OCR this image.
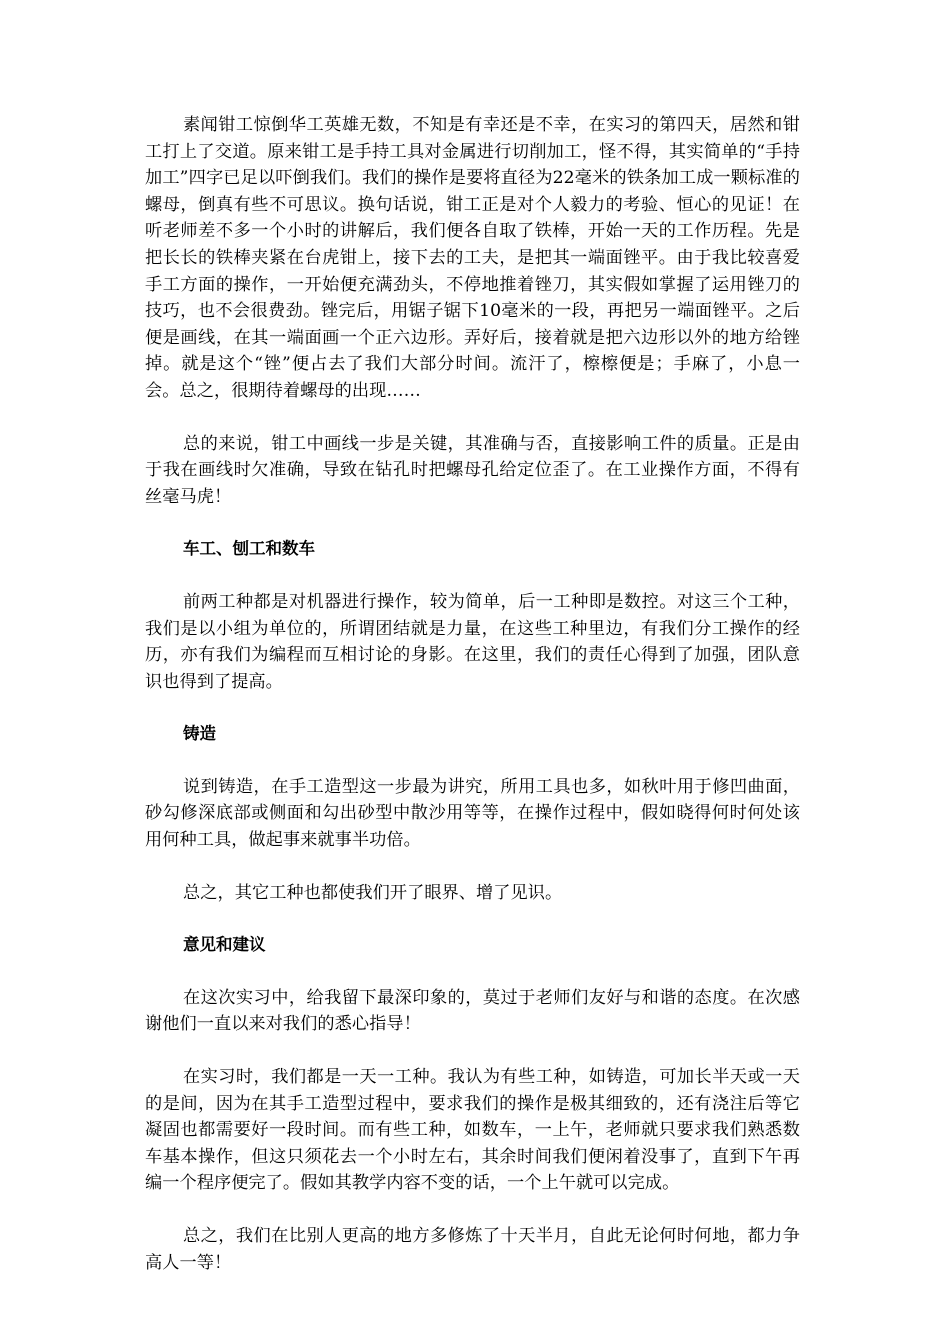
素闻钳工惊倒华工英雄无数，不知是有幸还是不幸，在实习的第四天，居然和钳工打上了交道。原来钳工是手持工具对金属进行切削加工，怪不得，其实简单的“手持加工”四字已足以吓倒我们。我们的操作是要将直径为22毫米的铁条加工成一颗标准的螺母，倒真有些不可思议。换句话说，钳工正是对个人毅力的考验、恒心的见证！在听老师差不多一个小时的讲解后，我们便各自取了铁棒，开始一天的工作历程。先是把长长的铁棒夹紧在台虎钳上，接下去的工夫，是把其一端面锉平。由于我比较喜爱手工方面的操作，一开始便充满劲头，不停地推着锉刀，其实假如掌握了运用锉刀的技巧，也不会很费劲。锉完后，用锯子锯下10毫米的一段，再把另一端面锉平。之后便是画线，在其一端面画一个正六边形。弄好后，接着就是把六边形以外的地方给锉掉。就是这个“锉”便占去了我们大部分时间。流汗了，檫檫便是；手麻了，小息一会。总之，很期待着螺母的出现……

总的来说，钳工中画线一步是关键，其准确与否，直接影响工件的质量。正是由于我在画线时欠准确，导致在钻孔时把螺母孔给定位歪了。在工业操作方面，不得有丝毫马虎！

车工、刨工和数车

前两工种都是对机器进行操作，较为简单，后一工种即是数控。对这三个工种，我们是以小组为单位的，所谓团结就是力量，在这些工种里边，有我们分工操作的经历，亦有我们为编程而互相讨论的身影。在这里，我们的责任心得到了加强，团队意识也得到了提高。

铸造

说到铸造，在手工造型这一步最为讲究，所用工具也多，如秋叶用于修凹曲面，砂勾修深底部或侧面和勾出砂型中散沙用等等，在操作过程中，假如晓得何时何处该用何种工具，做起事来就事半功倍。

总之，其它工种也都使我们开了眼界、增了见识。

意见和建议

在这次实习中，给我留下最深印象的，莫过于老师们友好与和谐的态度。在次感谢他们一直以来对我们的悉心指导！

在实习时，我们都是一天一工种。我认为有些工种，如铸造，可加长半天或一天的是间，因为在其手工造型过程中，要求我们的操作是极其细致的，还有浇注后等它凝固也都需要好一段时间。而有些工种，如数车，一上午，老师就只要求我们熟悉数车基本操作，但这只须花去一个小时左右，其余时间我们便闲着没事了，直到下午再编一个程序便完了。假如其教学内容不变的话，一个上午就可以完成。

总之，我们在比别人更高的地方多修炼了十天半月，自此无论何时何地，都力争高人一等！
